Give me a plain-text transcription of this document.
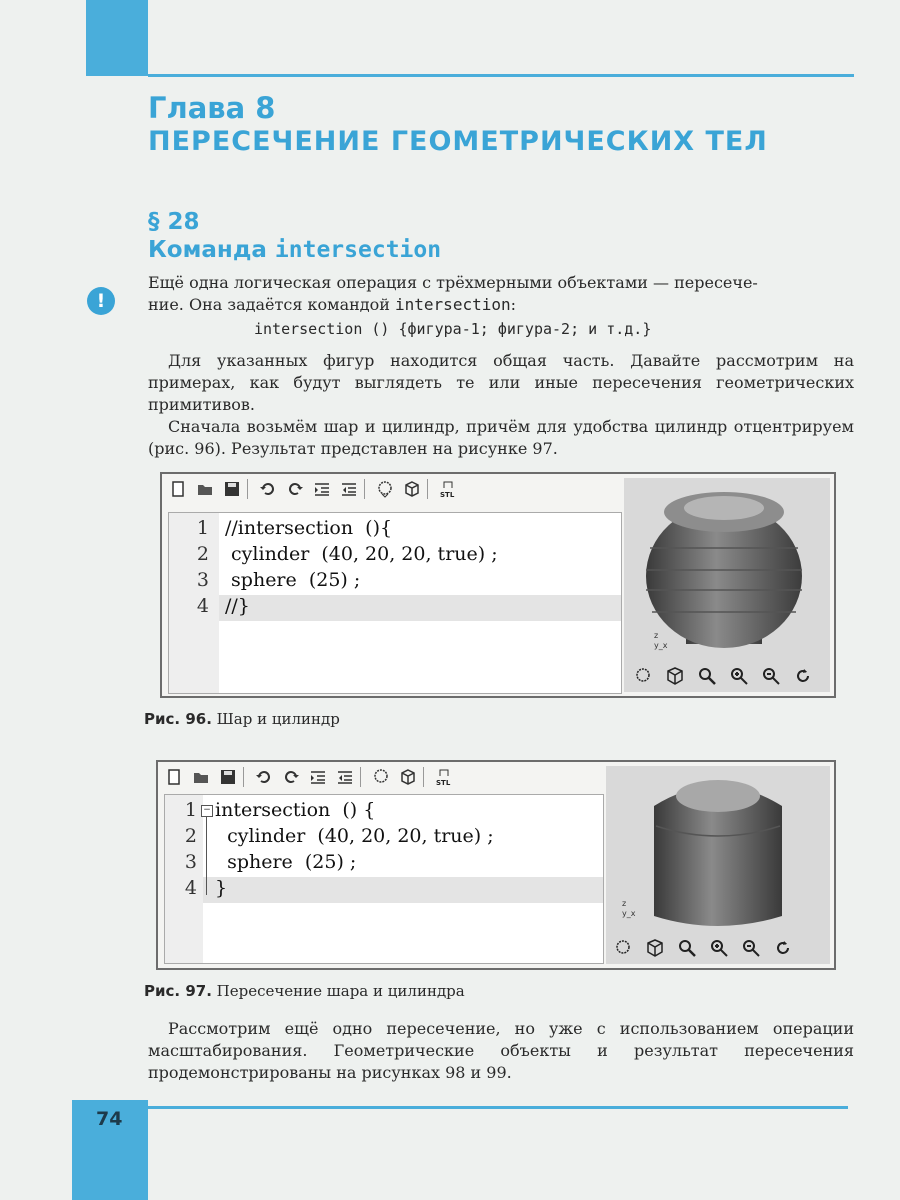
Глава 8
ПЕРЕСЕЧЕНИЕ ГЕОМЕТРИЧЕСКИХ ТЕЛ
§ 28
Команда intersection
!
Ещё одна логическая операция с трёхмерными объектами — пересече-
ние. Она задаётся командой intersection:
intersection () {фигура-1; фигура-2; и т.д.}
Для указанных фигур находится общая часть. Давайте рассмотрим на примерах, как будут выглядеть те или иные пересечения геометрических примитивов.
Сначала возьмём шар и цилиндр, причём для удобства цилиндр отцентрируем (рис. 96). Результат представлен на рисунке 97.
STL
1
2
3
4
//intersection  (){
cylinder  (40, 20, 20, true) ;
sphere  (25) ;
//}
z
y_x
Рис. 96. Шар и цилиндр
STL
1
2
3
4
− intersection  () {
cylinder  (40, 20, 20, true) ;
sphere  (25) ;
}
z
y_x
Рис. 97. Пересечение шара и цилиндра
Рассмотрим ещё одно пересечение, но уже с использованием операции масштабирования. Геометрические объекты и результат пересечения продемонстрированы на рисунках 98 и 99.
74
